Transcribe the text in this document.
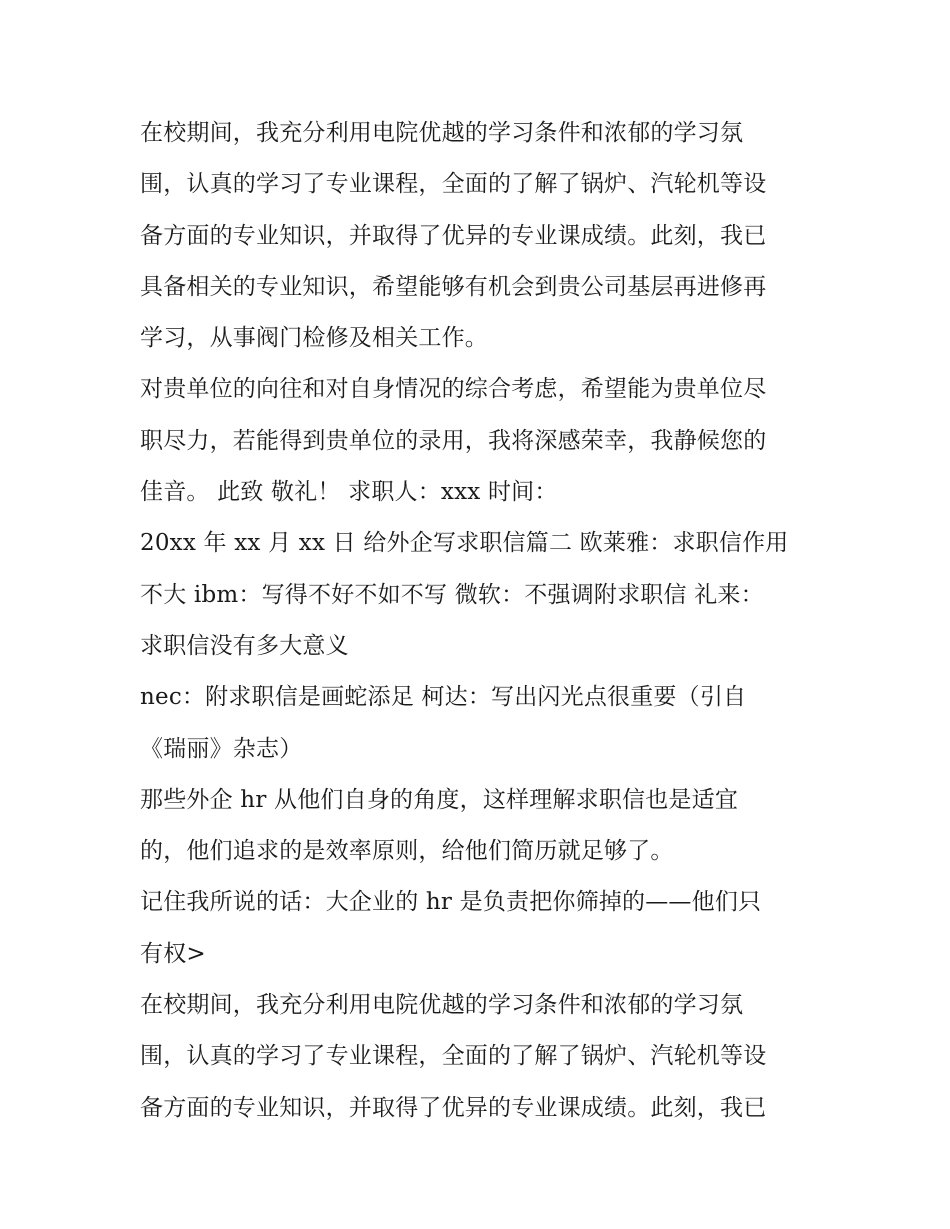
在校期间，我充分利用电院优越的学习条件和浓郁的学习氛
围，认真的学习了专业课程，全面的了解了锅炉、汽轮机等设
备方面的专业知识，并取得了优异的专业课成绩。此刻，我已
具备相关的专业知识，希望能够有机会到贵公司基层再进修再
学习，从事阀门检修及相关工作。
对贵单位的向往和对自身情况的综合考虑，希望能为贵单位尽
职尽力，若能得到贵单位的录用，我将深感荣幸，我静候您的
佳音。 此致 敬礼！ 求职人：xxx 时间：
20xx 年 xx 月 xx 日 给外企写求职信篇二 欧莱雅：求职信作用
不大 ibm：写得不好不如不写 微软：不强调附求职信 礼来：
求职信没有多大意义
nec：附求职信是画蛇添足 柯达：写出闪光点很重要（引自
《瑞丽》杂志）
那些外企 hr 从他们自身的角度，这样理解求职信也是适宜
的，他们追求的是效率原则，给他们简历就足够了。
记住我所说的话：大企业的 hr 是负责把你筛掉的——他们只
有权>
在校期间，我充分利用电院优越的学习条件和浓郁的学习氛
围，认真的学习了专业课程，全面的了解了锅炉、汽轮机等设
备方面的专业知识，并取得了优异的专业课成绩。此刻，我已
